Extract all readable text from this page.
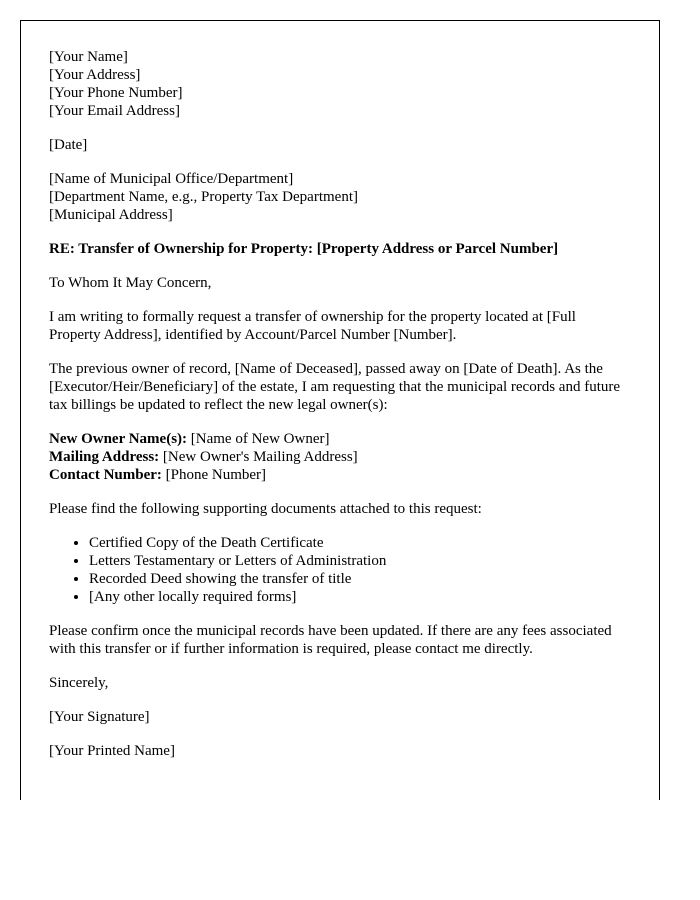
[Your Name]
[Your Address]
[Your Phone Number]
[Your Email Address]
[Date]
[Name of Municipal Office/Department]
[Department Name, e.g., Property Tax Department]
[Municipal Address]
RE: Transfer of Ownership for Property: [Property Address or Parcel Number]

To Whom It May Concern,

I am writing to formally request a transfer of ownership for the property located at [Full Property Address], identified by Account/Parcel Number [Number].

The previous owner of record, [Name of Deceased], passed away on [Date of Death]. As the [Executor/Heir/Beneficiary] of the estate, I am requesting that the municipal records and future tax billings be updated to reflect the new legal owner(s):

New Owner Name(s): [Name of New Owner]
Mailing Address: [New Owner's Mailing Address]
Contact Number: [Phone Number]

Please find the following supporting documents attached to this request:

• Certified Copy of the Death Certificate
• Letters Testamentary or Letters of Administration
• Recorded Deed showing the transfer of title
• [Any other locally required forms]

Please confirm once the municipal records have been updated. If there are any fees associated with this transfer or if further information is required, please contact me directly.

Sincerely,

[Your Signature]

[Your Printed Name]
